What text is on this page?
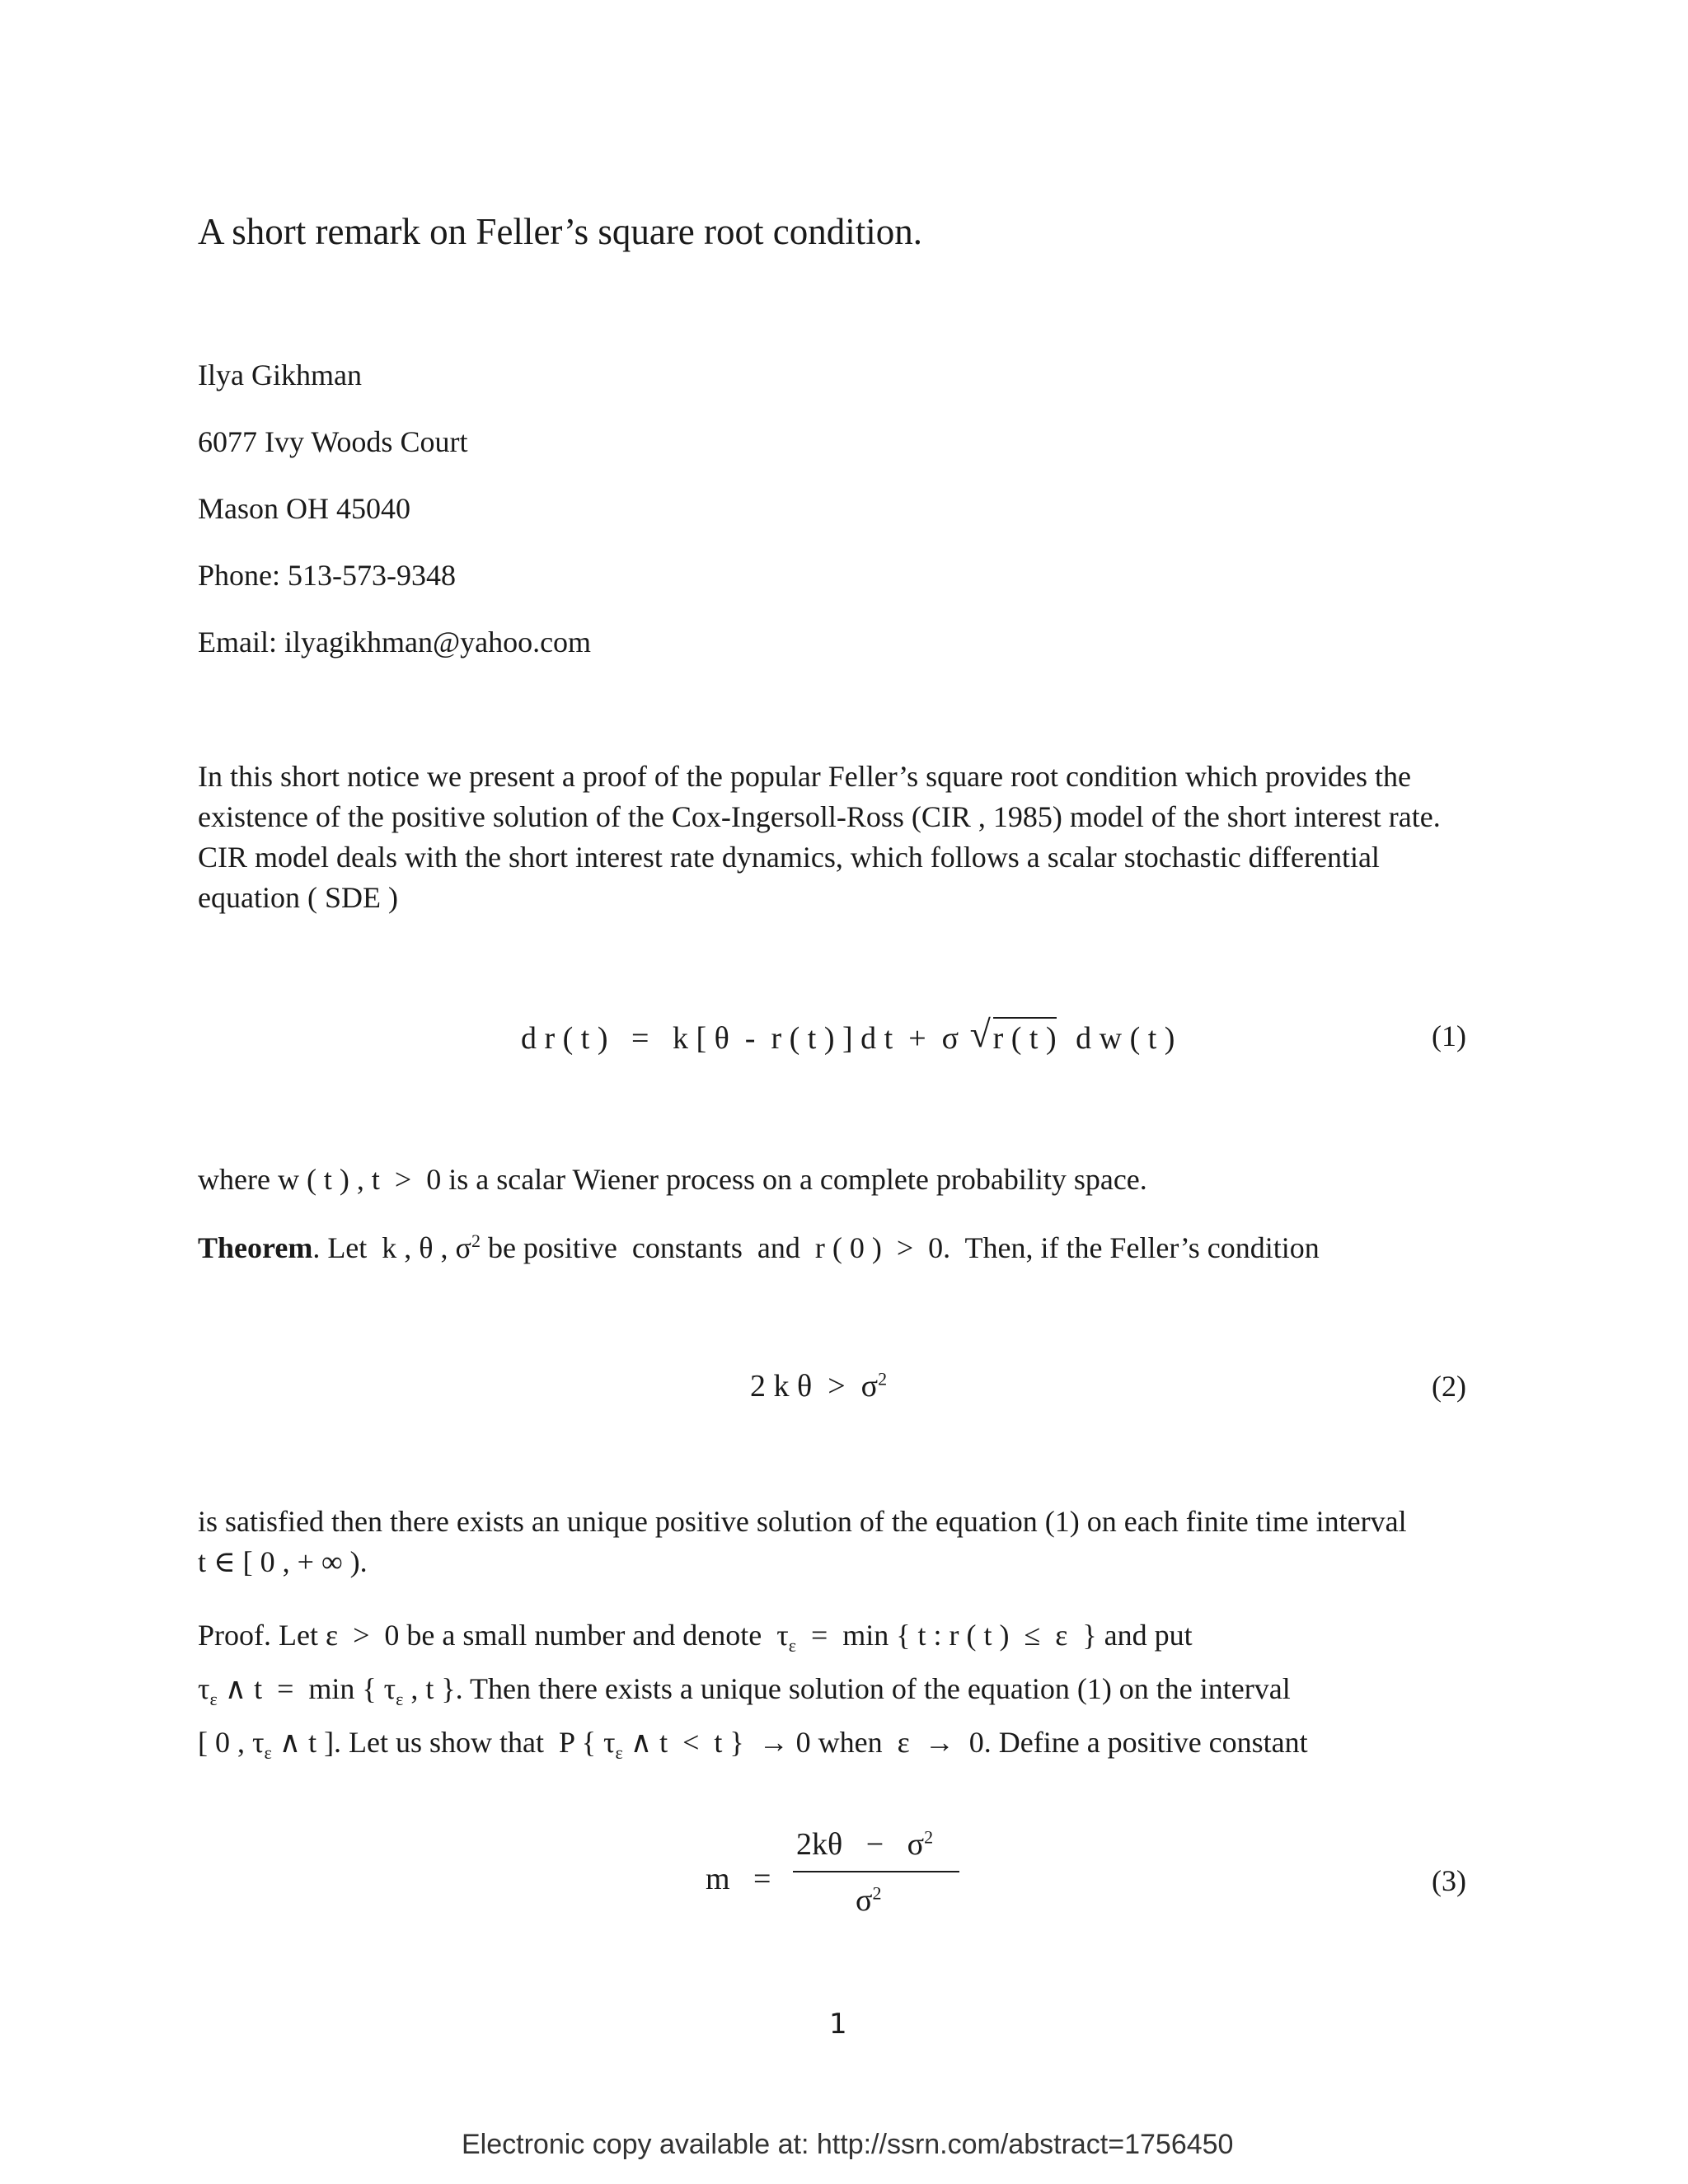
A short remark on Feller’s square root condition.
Ilya Gikhman
6077 Ivy Woods Court
Mason OH 45040
Phone: 513-573-9348
Email: ilyagikhman@yahoo.com
In this short notice we present a proof of the popular Feller’s square root condition which provides the
existence of the positive solution of the Cox-Ingersoll-Ross (CIR , 1985) model of the short interest rate.
CIR model deals with the short interest rate dynamics, which follows a scalar stochastic differential
equation ( SDE )
d r ( t )   =   k [ θ  -  r ( t ) ] d t  +  σ √ r ( t ) d w ( t )	(1)
where w ( t ) , t  >  0 is a scalar Wiener process on a complete probability space.
Theorem. Let  k , θ , $\sigma^2$ be positive  constants  and  r ( 0 )  >  0.  Then, if the Feller’s condition
2 k $\theta > \sigma^2$	(2)
is satisfied then there exists an unique positive solution of the equation (1) on each finite time interval
t ∈ [ 0 , + ∞ ).
Proof. Let ε  >  0 be a small number and denote  $\tau_\varepsilon = \min$ { t : r ( t )  ≤  ε  } and put
$\tau_\varepsilon$ ∧ t  =  min { $\tau_\varepsilon$ , t }. Then there exists a unique solution of the equation (1) on the interval
[ 0 , $\tau_\varepsilon$ ∧ t ]. Let us show that  P { $\tau_\varepsilon$ ∧ t  <  t }  → 0 when  ε  →  0. Define a positive constant
m   =
$2k\theta - \sigma^2$
$\sigma^2$	(3)
1
Electronic copy available at: http://ssrn.com/abstract=1756450
